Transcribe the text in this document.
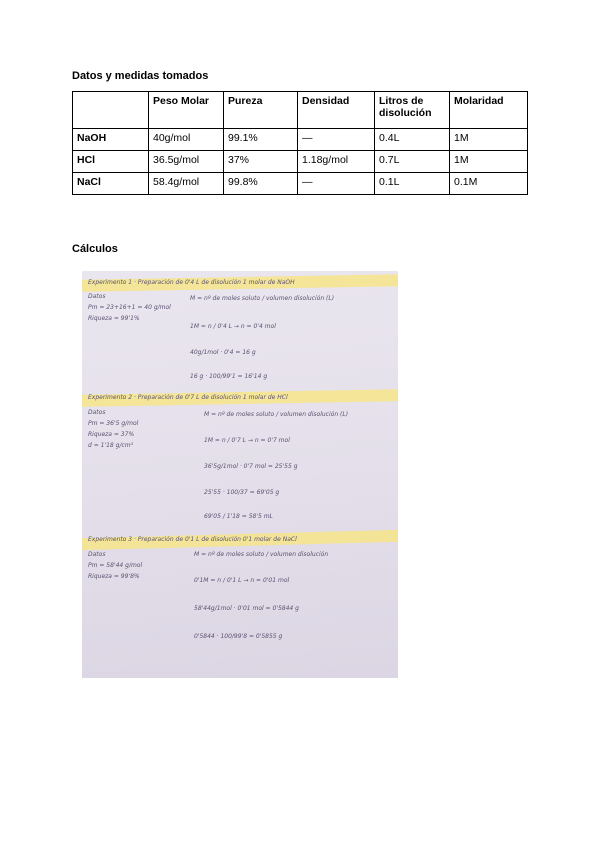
Datos y medidas tomados

	Peso Molar	Pureza	Densidad	Litros de disolución	Molaridad
NaOH	40g/mol	99.1%	—	0.4L	1M
HCl	36.5g/mol	37%	1.18g/mol	0.7L	1M
NaCl	58.4g/mol	99.8%	—	0.1L	0.1M

Cálculos

Experimento 1 · Preparación de 0'4 L de disolución 1 molar de NaOH
Datos
Pm = 23+16+1 = 40 g/mol
Riqueza = 99'1%
M = nº de moles soluto / volumen disolución (L)
1M = n / 0'4 L → n = 0'4 mol
40g/1mol · 0'4 = 16 g
16 g · 100/99'1 = 16'14 g
Experimento 2 · Preparación de 0'7 L de disolución 1 molar de HCl
Datos
Pm = 36'5 g/mol
Riqueza = 37%
d = 1'18 g/cm³
M = nº de moles soluto / volumen disolución (L)
1M = n / 0'7 L → n = 0'7 mol
36'5g/1mol · 0'7 mol = 25'55 g
25'55 · 100/37 = 69'05 g
69'05 / 1'18 = 58'5 mL
Experimento 3 · Preparación de 0'1 L de disolución 0'1 molar de NaCl
Datos
Pm = 58'44 g/mol
Riqueza = 99'8%
M = nº de moles soluto / volumen disolución
0'1M = n / 0'1 L → n = 0'01 mol
58'44g/1mol · 0'01 mol = 0'5844 g
0'5844 · 100/99'8 = 0'5855 g
